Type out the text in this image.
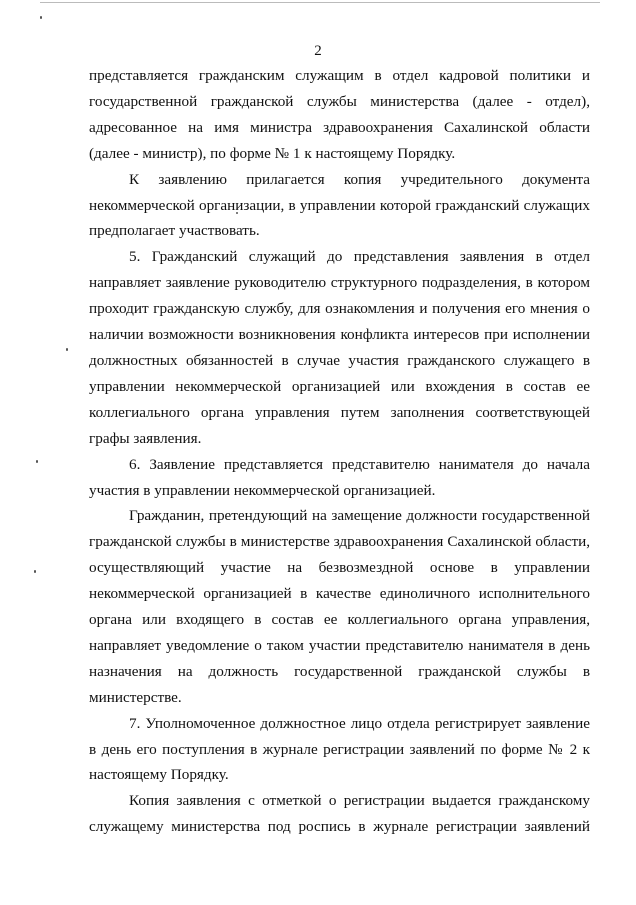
2

представляется гражданским служащим в отдел кадровой политики и государственной гражданской службы министерства (далее - отдел), адресованное на имя министра здравоохранения Сахалинской области (далее - министр), по форме № 1 к настоящему Порядку.

К заявлению прилагается копия учредительного документа некоммерческой организации, в управлении которой гражданский служащих предполагает участвовать.

5. Гражданский служащий до представления заявления в отдел направляет заявление руководителю структурного подразделения, в котором проходит гражданскую службу, для ознакомления и получения его мнения о наличии возможности возникновения конфликта интересов при исполнении должностных обязанностей в случае участия гражданского служащего в управлении некоммерческой организацией или вхождения в состав ее коллегиального органа управления путем заполнения соответствующей графы заявления.

6. Заявление представляется представителю нанимателя до начала участия в управлении некоммерческой организацией.

Гражданин, претендующий на замещение должности государственной гражданской службы в министерстве здравоохранения Сахалинской области, осуществляющий участие на безвозмездной основе в управлении некоммерческой организацией в качестве единоличного исполнительного органа или входящего в состав ее коллегиального органа управления, направляет уведомление о таком участии представителю нанимателя в день назначения на должность государственной гражданской службы в министерстве.

7. Уполномоченное должностное лицо отдела регистрирует заявление в день его поступления в журнале регистрации заявлений по форме № 2 к настоящему Порядку.

Копия заявления с отметкой о регистрации выдается гражданскому служащему министерства под роспись в журнале регистрации заявлений
